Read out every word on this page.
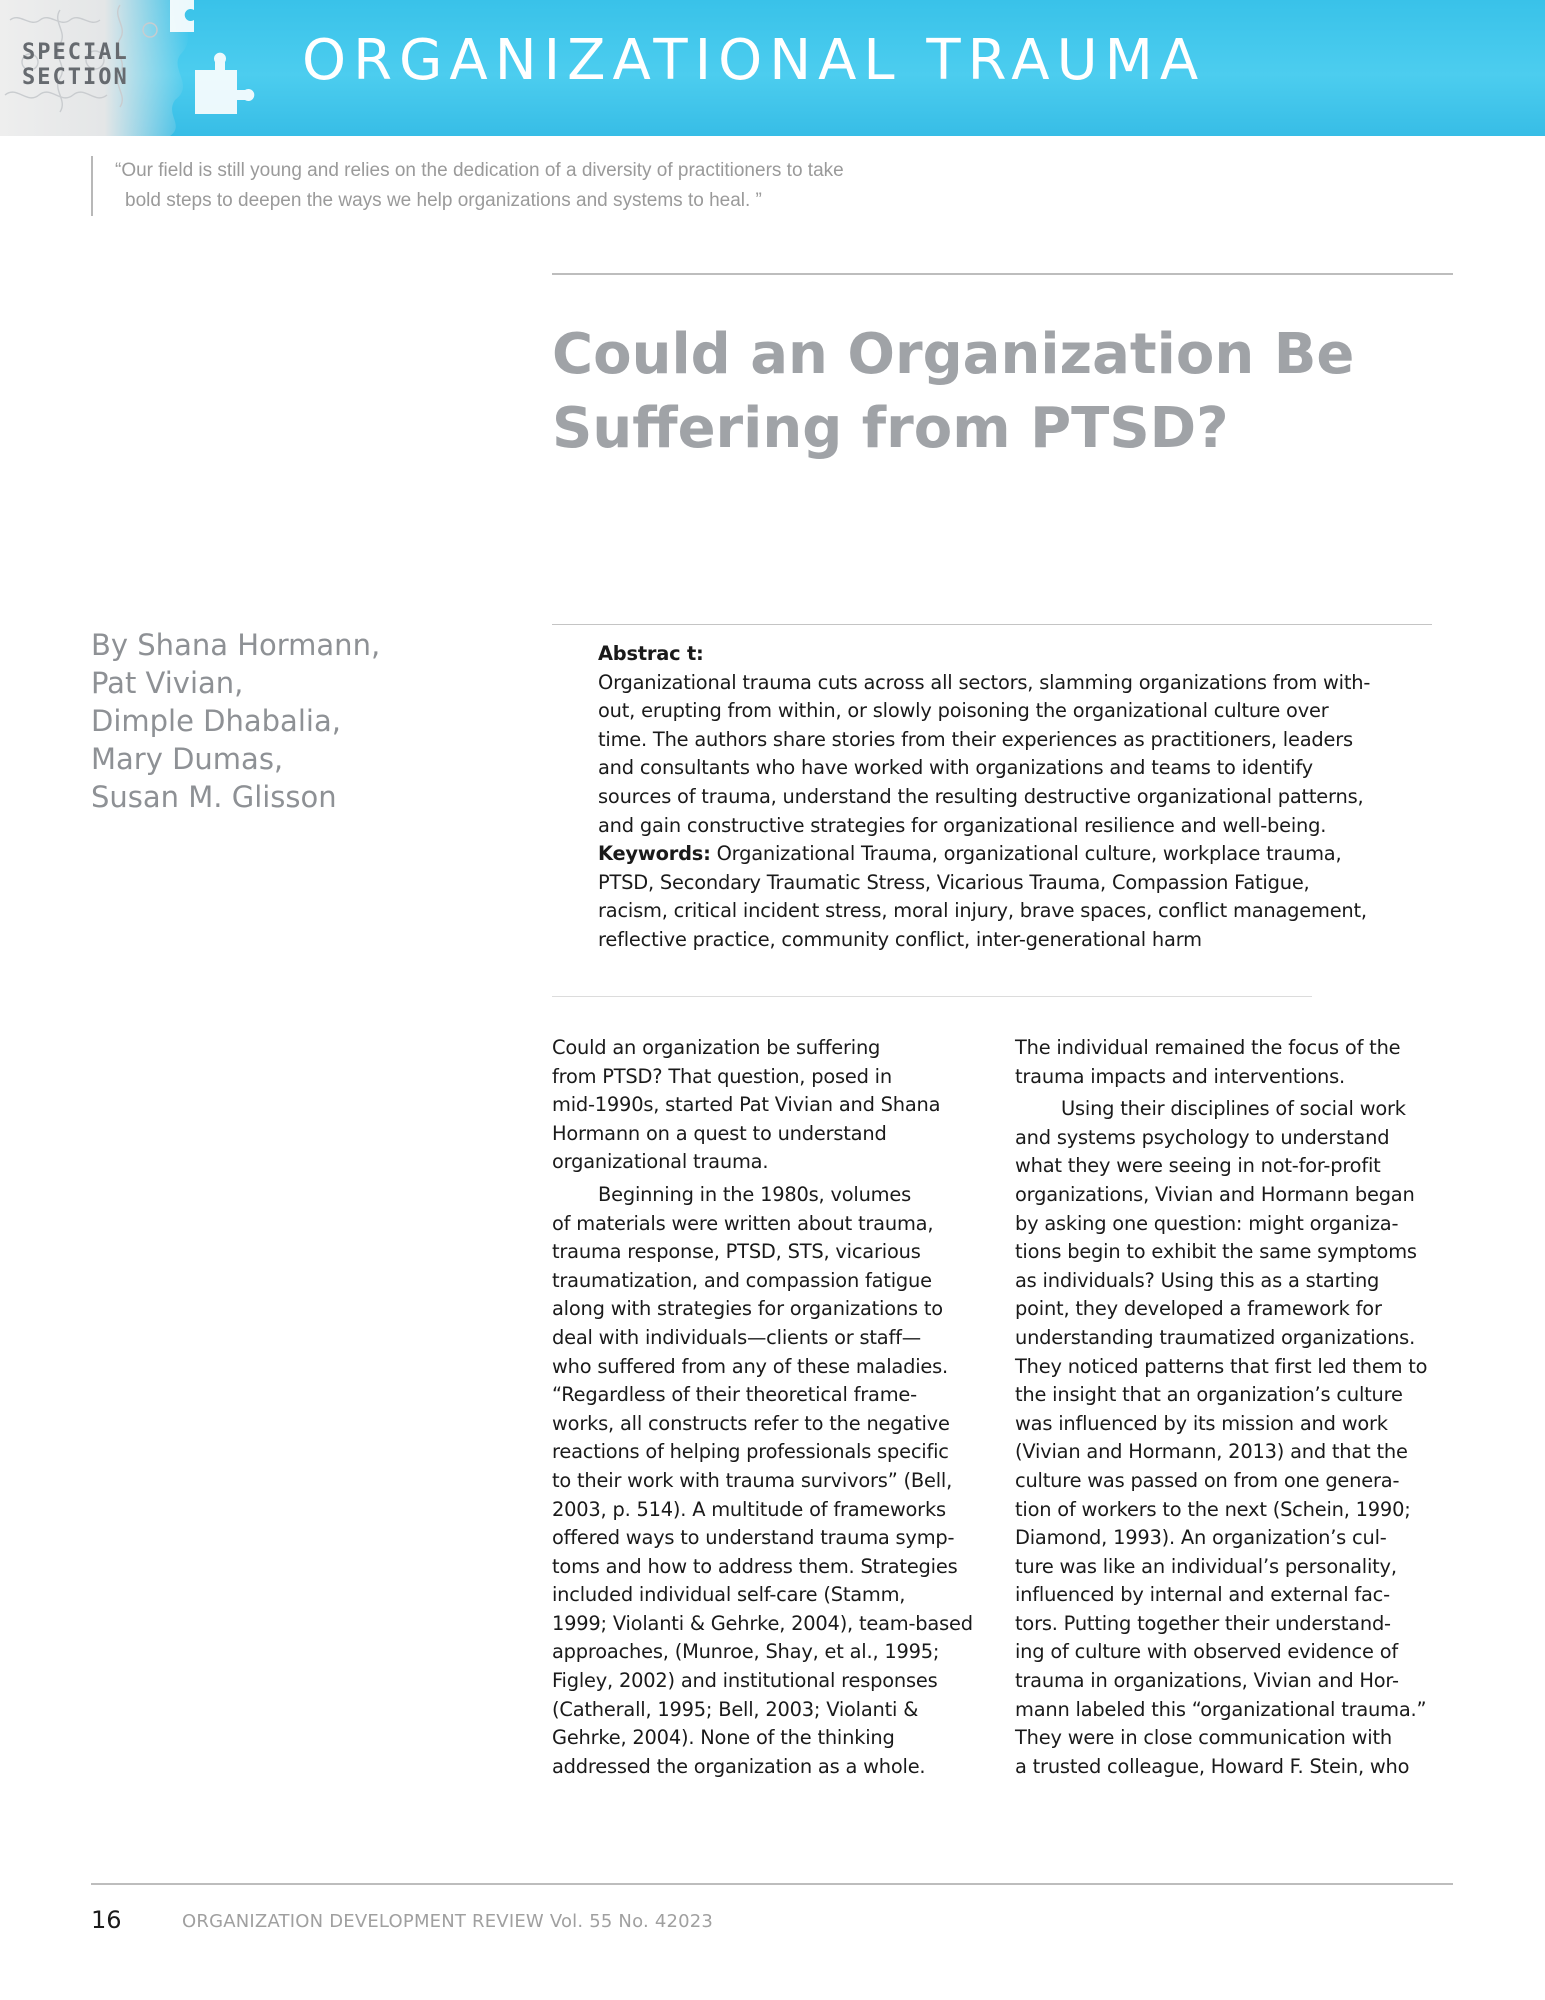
SPECIAL
SECTION	ORGANIZATIONAL TRAUMA
“Our field is still young and relies on the dedication of a diversity of practitioners to take
bold steps to deepen the ways we help organizations and systems to heal. ”
Could an Organization Be
Suffering from PTSD?
By Shana Hormann,
Pat Vivian,
Dimple Dhabalia,
Mary Dumas,
Susan M. Glisson
Abstrac t:
Organizational trauma cuts across all sectors, slamming organizations from with-
out, erupting from within, or slowly poisoning the organizational culture over
time. The authors share stories from their experiences as practitioners, leaders
and consultants who have worked with organizations and teams to identify
sources of trauma, understand the resulting destructive organizational patterns,
and gain constructive strategies for organizational resilience and well-being.
Keywords: Organizational Trauma, organizational culture, workplace trauma,
PTSD, Secondary Traumatic Stress, Vicarious Trauma, Compassion Fatigue,
racism, critical incident stress, moral injury, brave spaces, conflict management,
reflective practice, community conflict, inter-generational harm

Could an organization be suffering
from PTSD? That question, posed in
mid-1990s, started Pat Vivian and Shana
Hormann on a quest to understand
organizational trauma.

Beginning in the 1980s, volumes
of materials were written about trauma,
trauma response, PTSD, STS, vicarious
traumatization, and compassion fatigue
along with strategies for organizations to
deal with individuals—clients or staff—
who suffered from any of these maladies.
“Regardless of their theoretical frame-
works, all constructs refer to the negative
reactions of helping professionals specific
to their work with trauma survivors” (Bell,
2003, p. 514). A multitude of frameworks
offered ways to understand trauma symp-
toms and how to address them. Strategies
included individual self-care (Stamm,
1999; Violanti & Gehrke, 2004), team-based
approaches, (Munroe, Shay, et al., 1995;
Figley, 2002) and institutional responses
(Catherall, 1995; Bell, 2003; Violanti &
Gehrke, 2004). None of the thinking
addressed the organization as a whole.

The individual remained the focus of the
trauma impacts and interventions.

Using their disciplines of social work
and systems psychology to understand
what they were seeing in not-for-profit
organizations, Vivian and Hormann began
by asking one question: might organiza-
tions begin to exhibit the same symptoms
as individuals? Using this as a starting
point, they developed a framework for
understanding traumatized organizations.
They noticed patterns that first led them to
the insight that an organization’s culture
was influenced by its mission and work
(Vivian and Hormann, 2013) and that the
culture was passed on from one genera-
tion of workers to the next (Schein, 1990;
Diamond, 1993). An organization’s cul-
ture was like an individual’s personality,
influenced by internal and external fac-
tors. Putting together their understand-
ing of culture with observed evidence of
trauma in organizations, Vivian and Hor-
mann labeled this “organizational trauma.”
They were in close communication with
a trusted colleague, Howard F. Stein, who

16	ORGANIZATION DEVELOPMENT REVIEW Vol. 55 No. 42023
